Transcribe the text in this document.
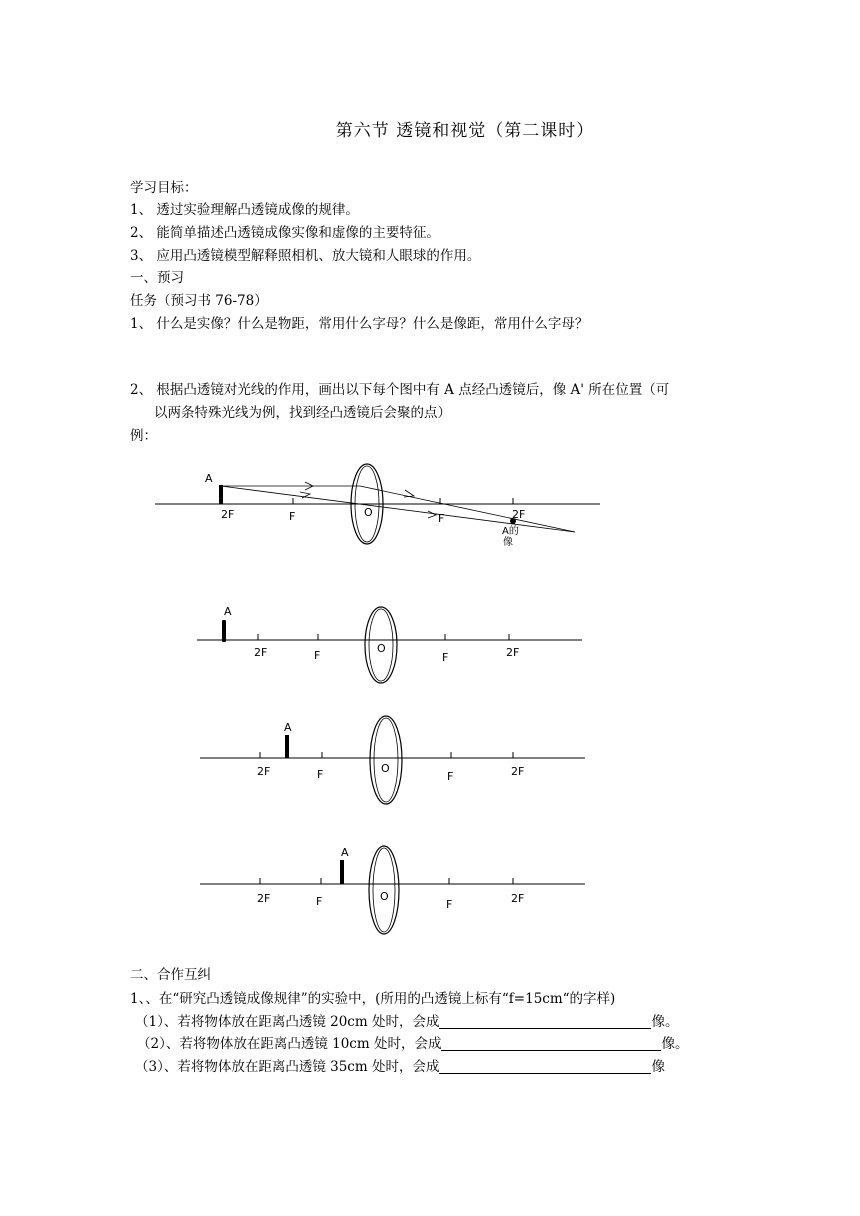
第六节 透镜和视觉（第二课时）
学习目标：
1、 透过实验理解凸透镜成像的规律。
2、 能简单描述凸透镜成像实像和虚像的主要特征。
3、 应用凸透镜模型解释照相机、放大镜和人眼球的作用。
一、预习
任务（预习书 76-78）
1、 什么是实像？什么是物距，常用什么字母？什么是像距，常用什么字母？
2、 根据凸透镜对光线的作用，画出以下每个图中有 A 点经凸透镜后，像 A' 所在位置（可
以两条特殊光线为例，找到经凸透镜后会聚的点）
例：
A
2F	F	O	F	2F
A的
像
A
2F	F
O
F	2F
A
2F	F	O
F	2F
A
2F	F	O
F	2F
二、合作互纠
1、、在“研究凸透镜成像规律”的实验中，(所用的凸透镜上标有“f=15cm“的字样)
（1）、若将物体放在距离凸透镜 20cm 处时，会成	像。
（2）、若将物体放在距离凸透镜 10cm 处时，会成	像。
（3）、若将物体放在距离凸透镜 35cm 处时，会成	像
